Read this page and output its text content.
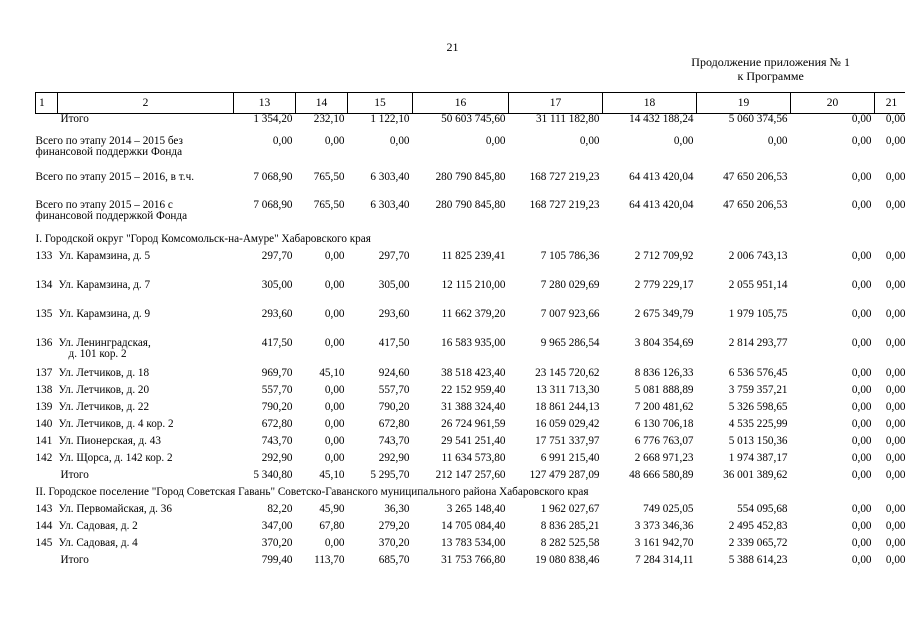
21
Продолжение приложения № 1
к Программе
1	2	13	14	15	16	17	18	19	20	21
Итого		1 354,20	232,10	1 122,10	50 603 745,60	31 111 182,80	14 432 188,24	5 060 374,56	0,00	0,00
Всего по этапу 2014 – 2015 без финансовой поддержки Фонда		0,00	0,00	0,00	0,00	0,00	0,00	0,00	0,00	0,00
Всего по этапу 2015 – 2016, в т.ч.		7 068,90	765,50	6 303,40	280 790 845,80	168 727 219,23	64 413 420,04	47 650 206,53	0,00	0,00
Всего по этапу 2015 – 2016 с финансовой поддержкой Фонда		7 068,90	765,50	6 303,40	280 790 845,80	168 727 219,23	64 413 420,04	47 650 206,53	0,00	0,00
I. Городской округ "Город Комсомольск-на-Амуре" Хабаровского края										
133	Ул. Карамзина, д. 5	297,70	0,00	297,70	11 825 239,41	7 105 786,36	2 712 709,92	2 006 743,13	0,00	0,00
134	Ул. Карамзина, д. 7	305,00	0,00	305,00	12 115 210,00	7 280 029,69	2 779 229,17	2 055 951,14	0,00	0,00
135	Ул. Карамзина, д. 9	293,60	0,00	293,60	11 662 379,20	7 007 923,66	2 675 349,79	1 979 105,75	0,00	0,00
136	Ул. Ленинградская,
д. 101 кор. 2	417,50	0,00	417,50	16 583 935,00	9 965 286,54	3 804 354,69	2 814 293,77	0,00	0,00
137	Ул. Летчиков, д. 18	969,70	45,10	924,60	38 518 423,40	23 145 720,62	8 836 126,33	6 536 576,45	0,00	0,00
138	Ул. Летчиков, д. 20	557,70	0,00	557,70	22 152 959,40	13 311 713,30	5 081 888,89	3 759 357,21	0,00	0,00
139	Ул. Летчиков, д. 22	790,20	0,00	790,20	31 388 324,40	18 861 244,13	7 200 481,62	5 326 598,65	0,00	0,00
140	Ул. Летчиков, д. 4 кор. 2	672,80	0,00	672,80	26 724 961,59	16 059 029,42	6 130 706,18	4 535 225,99	0,00	0,00
141	Ул. Пионерская, д. 43	743,70	0,00	743,70	29 541 251,40	17 751 337,97	6 776 763,07	5 013 150,36	0,00	0,00
142	Ул. Щорса, д. 142 кор. 2	292,90	0,00	292,90	11 634 573,80	6 991 215,40	2 668 971,23	1 974 387,17	0,00	0,00
Итого		5 340,80	45,10	5 295,70	212 147 257,60	127 479 287,09	48 666 580,89	36 001 389,62	0,00	0,00
II. Городское поселение "Город Советская Гавань" Советско-Гаванского муниципального района Хабаровского края										
143	Ул. Первомайская, д. 36	82,20	45,90	36,30	3 265 148,40	1 962 027,67	749 025,05	554 095,68	0,00	0,00
144	Ул. Садовая, д. 2	347,00	67,80	279,20	14 705 084,40	8 836 285,21	3 373 346,36	2 495 452,83	0,00	0,00
145	Ул. Садовая, д. 4	370,20	0,00	370,20	13 783 534,00	8 282 525,58	3 161 942,70	2 339 065,72	0,00	0,00
Итого		799,40	113,70	685,70	31 753 766,80	19 080 838,46	7 284 314,11	5 388 614,23	0,00	0,00
